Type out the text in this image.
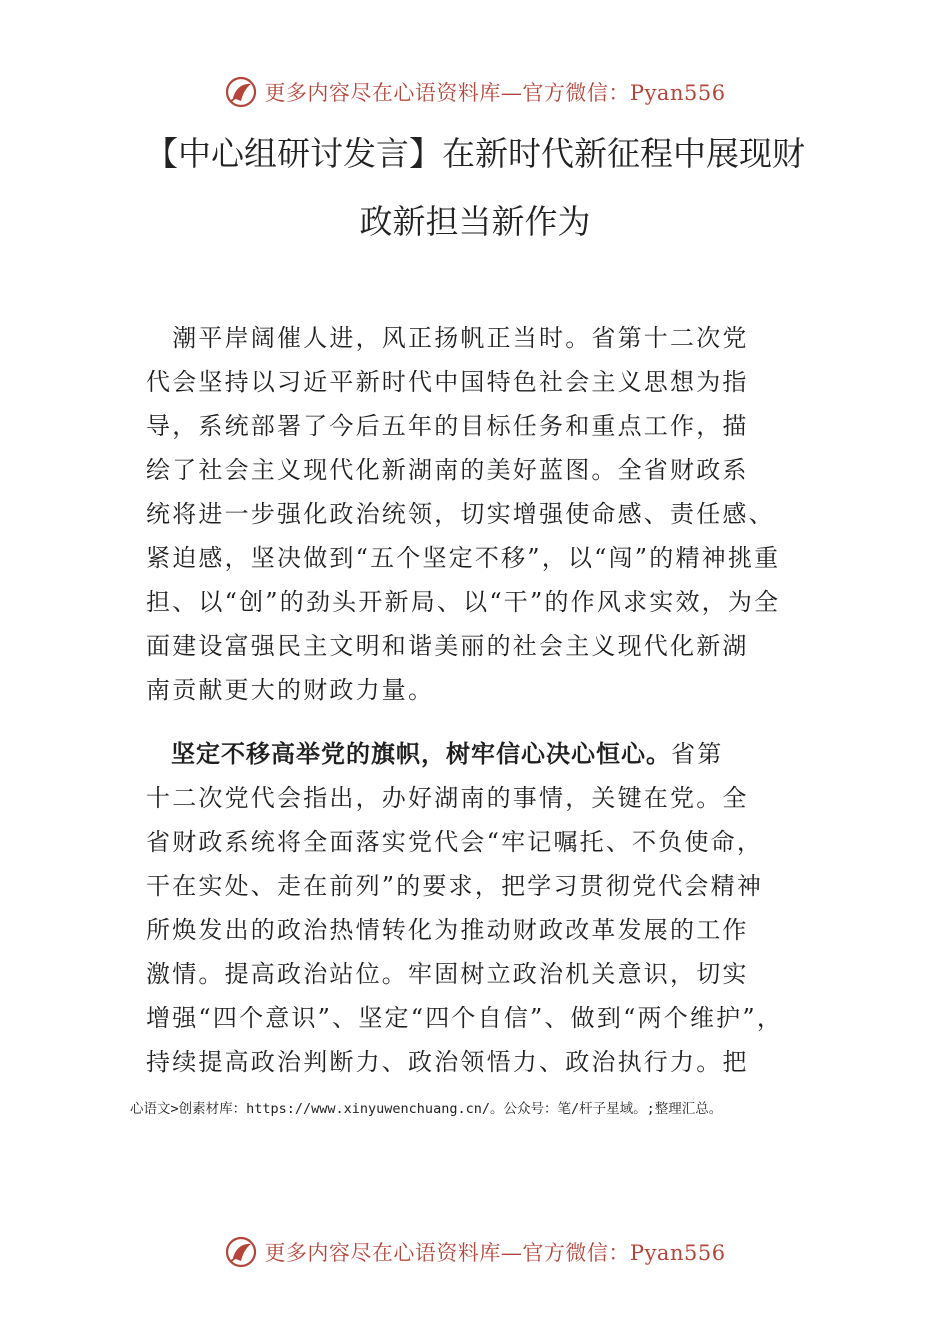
更多内容尽在心语资料库—官方微信：Pyan556
【中心组研讨发言】在新时代新征程中展现财
政新担当新作为
　潮平岸阔催人进，风正扬帆正当时。省第十二次党
代会坚持以习近平新时代中国特色社会主义思想为指
导，系统部署了今后五年的目标任务和重点工作，描
绘了社会主义现代化新湖南的美好蓝图。全省财政系
统将进一步强化政治统领，切实增强使命感、责任感、
紧迫感，坚决做到“五个坚定不移”，以“闯”的精神挑重
担、以“创”的劲头开新局、以“干”的作风求实效，为全
面建设富强民主文明和谐美丽的社会主义现代化新湖
南贡献更大的财政力量。
　坚定不移高举党的旗帜，树牢信心决心恒心。省第
十二次党代会指出，办好湖南的事情，关键在党。全
省财政系统将全面落实党代会“牢记嘱托、不负使命，
干在实处、走在前列”的要求，把学习贯彻党代会精神
所焕发出的政治热情转化为推动财政改革发展的工作
激情。提高政治站位。牢固树立政治机关意识，切实
增强“四个意识”、坚定“四个自信”、做到“两个维护”，
持续提高政治判断力、政治领悟力、政治执行力。把
心语文>创素材库：https://www.xinyuwenchuang.cn/。公众号：笔/杆子星域。;整理汇总。
更多内容尽在心语资料库—官方微信：Pyan556
